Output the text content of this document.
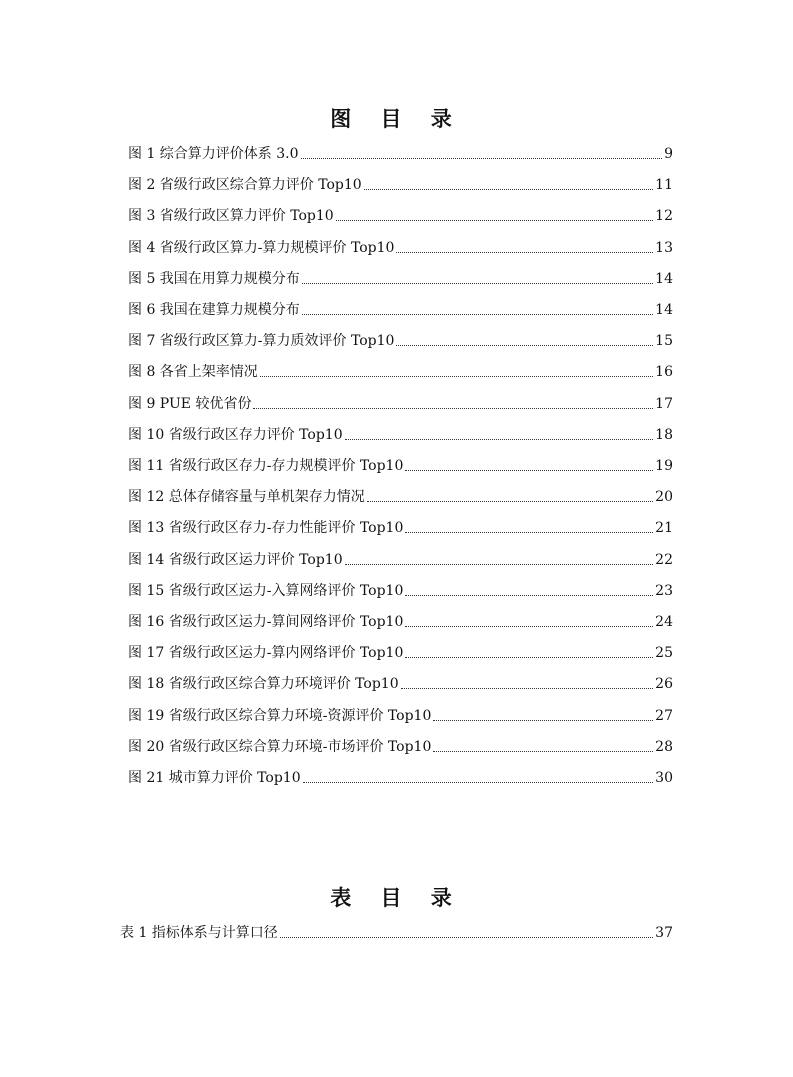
图 目 录
图 1 综合算力评价体系 3.0	9
图 2 省级行政区综合算力评价 Top10	11
图 3 省级行政区算力评价 Top10	12
图 4 省级行政区算力-算力规模评价 Top10	13
图 5 我国在用算力规模分布	14
图 6 我国在建算力规模分布	14
图 7 省级行政区算力-算力质效评价 Top10	15
图 8 各省上架率情况	16
图 9 PUE 较优省份	17
图 10 省级行政区存力评价 Top10	18
图 11 省级行政区存力-存力规模评价 Top10	19
图 12 总体存储容量与单机架存力情况	20
图 13 省级行政区存力-存力性能评价 Top10	21
图 14 省级行政区运力评价 Top10	22
图 15 省级行政区运力-入算网络评价 Top10	23
图 16 省级行政区运力-算间网络评价 Top10	24
图 17 省级行政区运力-算内网络评价 Top10	25
图 18 省级行政区综合算力环境评价 Top10	26
图 19 省级行政区综合算力环境-资源评价 Top10	27
图 20 省级行政区综合算力环境-市场评价 Top10	28
图 21 城市算力评价 Top10	30
表 目 录
表 1 指标体系与计算口径	37
